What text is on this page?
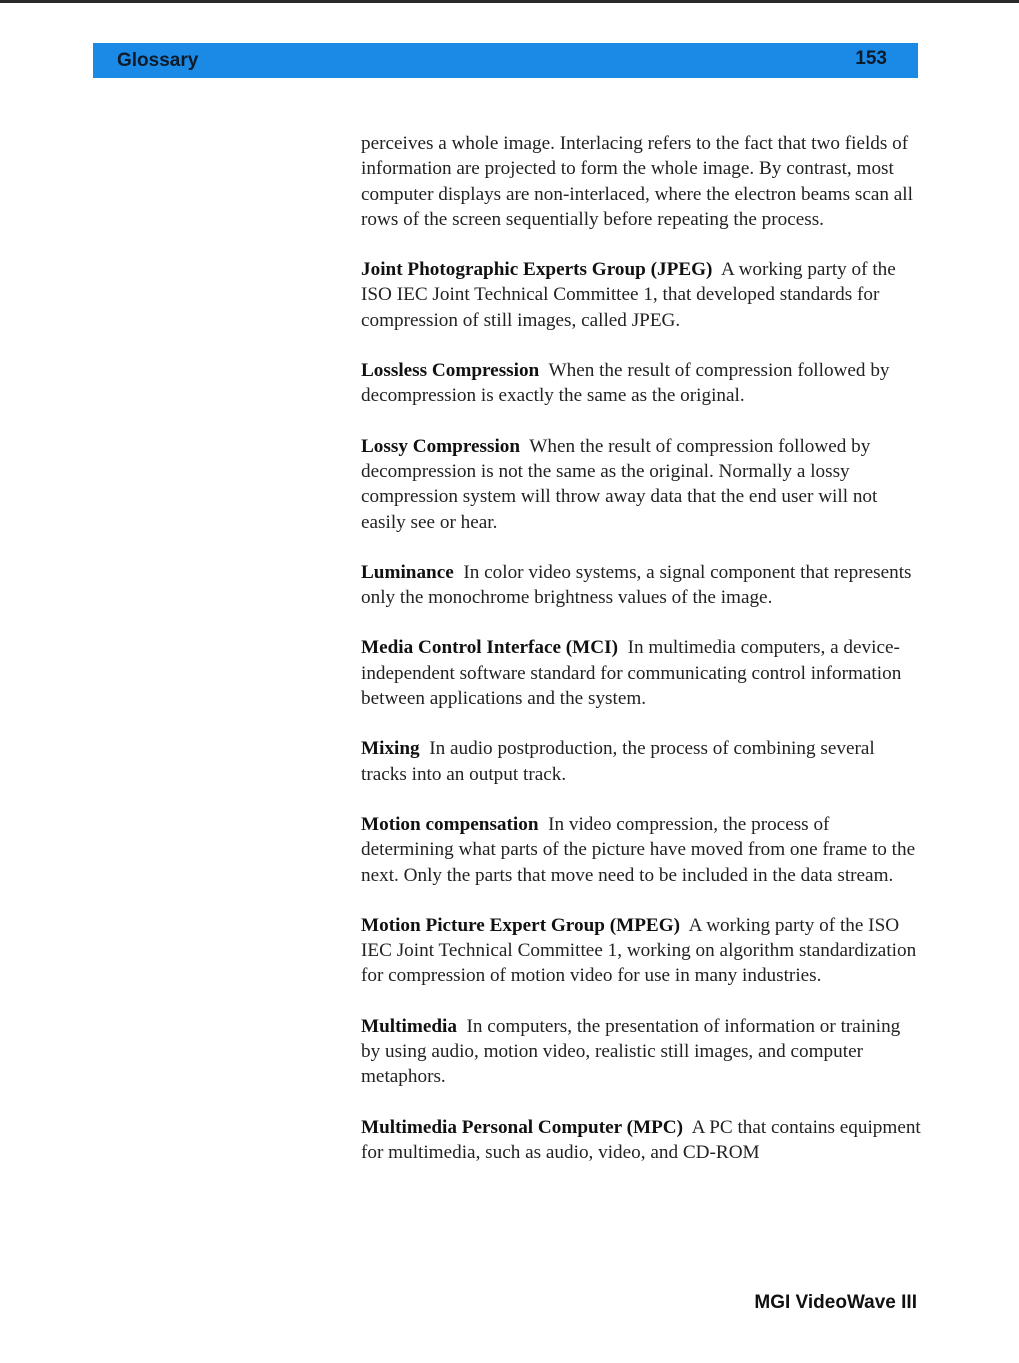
Glossary	153

perceives a whole image. Interlacing refers to the fact that two fields of information are projected to form the whole image. By contrast, most computer displays are non-interlaced, where the electron beams scan all rows of the screen sequentially before repeating the process.

Joint Photographic Experts Group (JPEG) A working party of the ISO IEC Joint Technical Committee 1, that developed standards for compression of still images, called JPEG.

Lossless Compression When the result of compression followed by decompression is exactly the same as the original.

Lossy Compression When the result of compression followed by decompression is not the same as the original. Normally a lossy compression system will throw away data that the end user will not easily see or hear.

Luminance In color video systems, a signal component that represents only the monochrome brightness values of the image.

Media Control Interface (MCI) In multimedia computers, a device-independent software standard for communicating control information between applications and the system.

Mixing In audio postproduction, the process of combining several tracks into an output track.

Motion compensation In video compression, the process of determining what parts of the picture have moved from one frame to the next. Only the parts that move need to be included in the data stream.

Motion Picture Expert Group (MPEG) A working party of the ISO IEC Joint Technical Committee 1, working on algorithm standardization for compression of motion video for use in many industries.

Multimedia In computers, the presentation of information or training by using audio, motion video, realistic still images, and computer metaphors.

Multimedia Personal Computer (MPC) A PC that contains equipment for multimedia, such as audio, video, and CD-ROM

MGI VideoWave III
